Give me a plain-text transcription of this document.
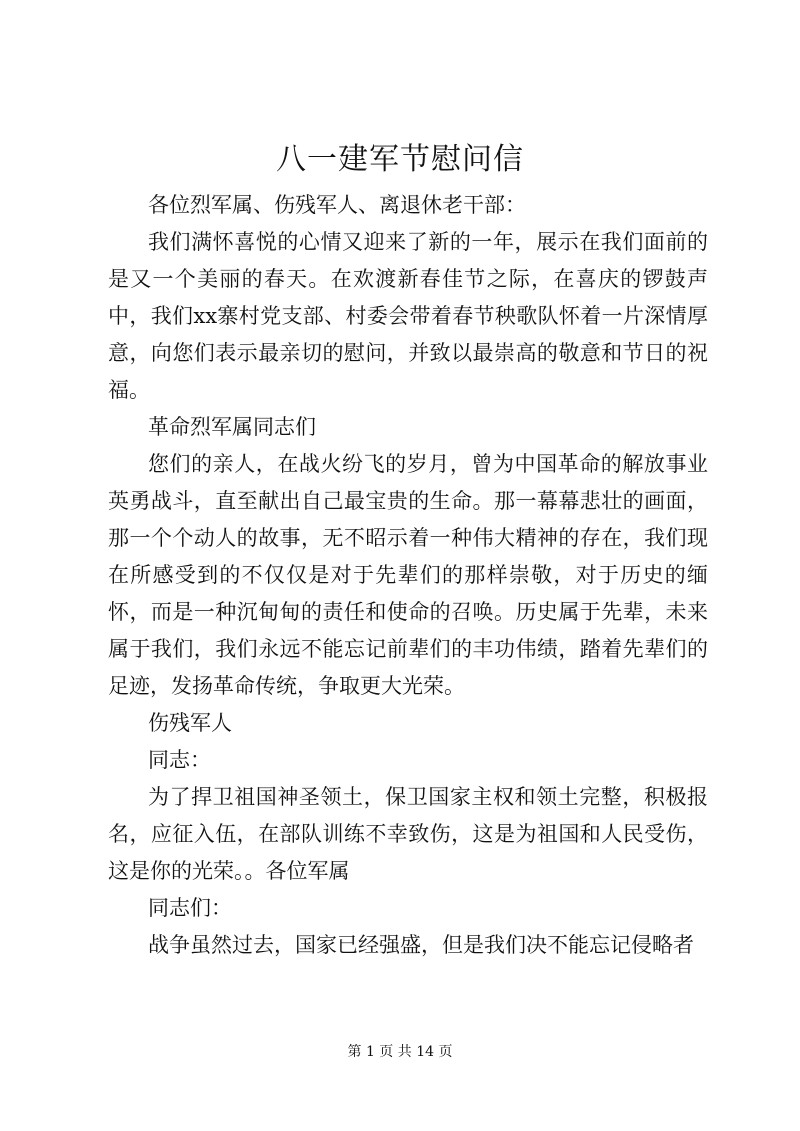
八一建军节慰问信

各位烈军属、伤残军人、离退休老干部：

我们满怀喜悦的心情又迎来了新的一年，展示在我们面前的是又一个美丽的春天。在欢渡新春佳节之际，在喜庆的锣鼓声中，我们xx寨村党支部、村委会带着春节秧歌队怀着一片深情厚意，向您们表示最亲切的慰问，并致以最崇高的敬意和节日的祝福。

革命烈军属同志们

您们的亲人，在战火纷飞的岁月，曾为中国革命的解放事业英勇战斗，直至献出自己最宝贵的生命。那一幕幕悲壮的画面，那一个个动人的故事，无不昭示着一种伟大精神的存在，我们现在所感受到的不仅仅是对于先辈们的那样崇敬，对于历史的缅怀，而是一种沉甸甸的责任和使命的召唤。历史属于先辈，未来属于我们，我们永远不能忘记前辈们的丰功伟绩，踏着先辈们的足迹，发扬革命传统，争取更大光荣。

伤残军人

同志：

为了捍卫祖国神圣领土，保卫国家主权和领土完整，积极报名，应征入伍，在部队训练不幸致伤，这是为祖国和人民受伤，这是你的光荣。。各位军属

同志们：

战争虽然过去，国家已经强盛，但是我们决不能忘记侵略者

第 1 页 共 14 页
